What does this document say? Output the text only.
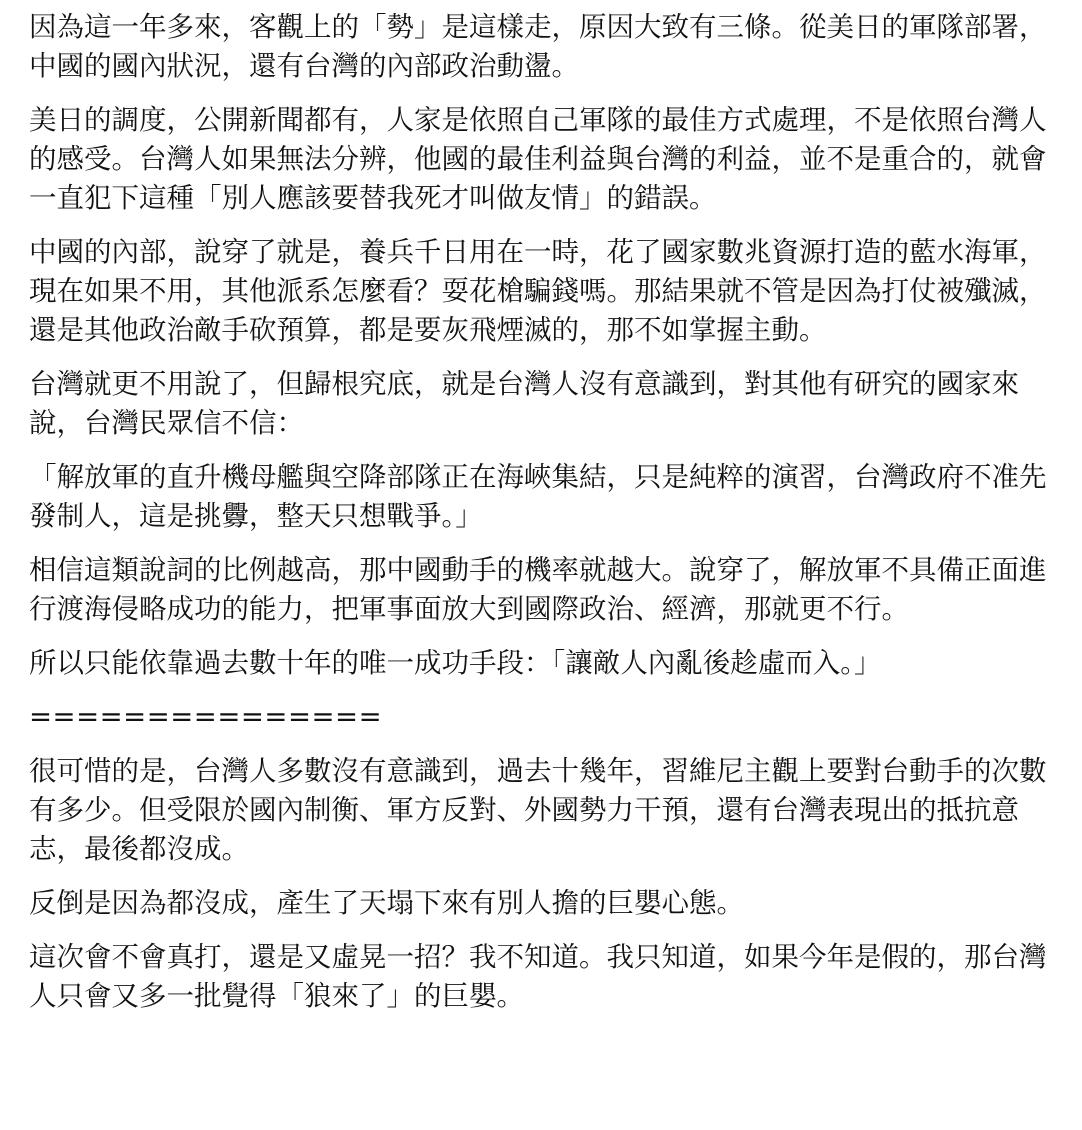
因為這一年多來，客觀上的「勢」是這樣走，原因大致有三條。從美日的軍隊部署，中國的國內狀況，還有台灣的內部政治動盪。

美日的調度，公開新聞都有，人家是依照自己軍隊的最佳方式處理，不是依照台灣人的感受。台灣人如果無法分辨，他國的最佳利益與台灣的利益，並不是重合的，就會一直犯下這種「別人應該要替我死才叫做友情」的錯誤。

中國的內部，說穿了就是，養兵千日用在一時，花了國家數兆資源打造的藍水海軍，現在如果不用，其他派系怎麼看？耍花槍騙錢嗎。那結果就不管是因為打仗被殲滅，還是其他政治敵手砍預算，都是要灰飛煙滅的，那不如掌握主動。

台灣就更不用說了，但歸根究底，就是台灣人沒有意識到，對其他有研究的國家來說，台灣民眾信不信：

「解放軍的直升機母艦與空降部隊正在海峽集結，只是純粹的演習，台灣政府不准先發制人，這是挑釁，整天只想戰爭。」

相信這類說詞的比例越高，那中國動手的機率就越大。說穿了，解放軍不具備正面進行渡海侵略成功的能力，把軍事面放大到國際政治、經濟，那就更不行。

所以只能依靠過去數十年的唯一成功手段：「讓敵人內亂後趁虛而入。」

===============

很可惜的是，台灣人多數沒有意識到，過去十幾年，習維尼主觀上要對台動手的次數有多少。但受限於國內制衡、軍方反對、外國勢力干預，還有台灣表現出的抵抗意志，最後都沒成。

反倒是因為都沒成，產生了天塌下來有別人擔的巨嬰心態。

這次會不會真打，還是又虛晃一招？我不知道。我只知道，如果今年是假的，那台灣人只會又多一批覺得「狼來了」的巨嬰。
